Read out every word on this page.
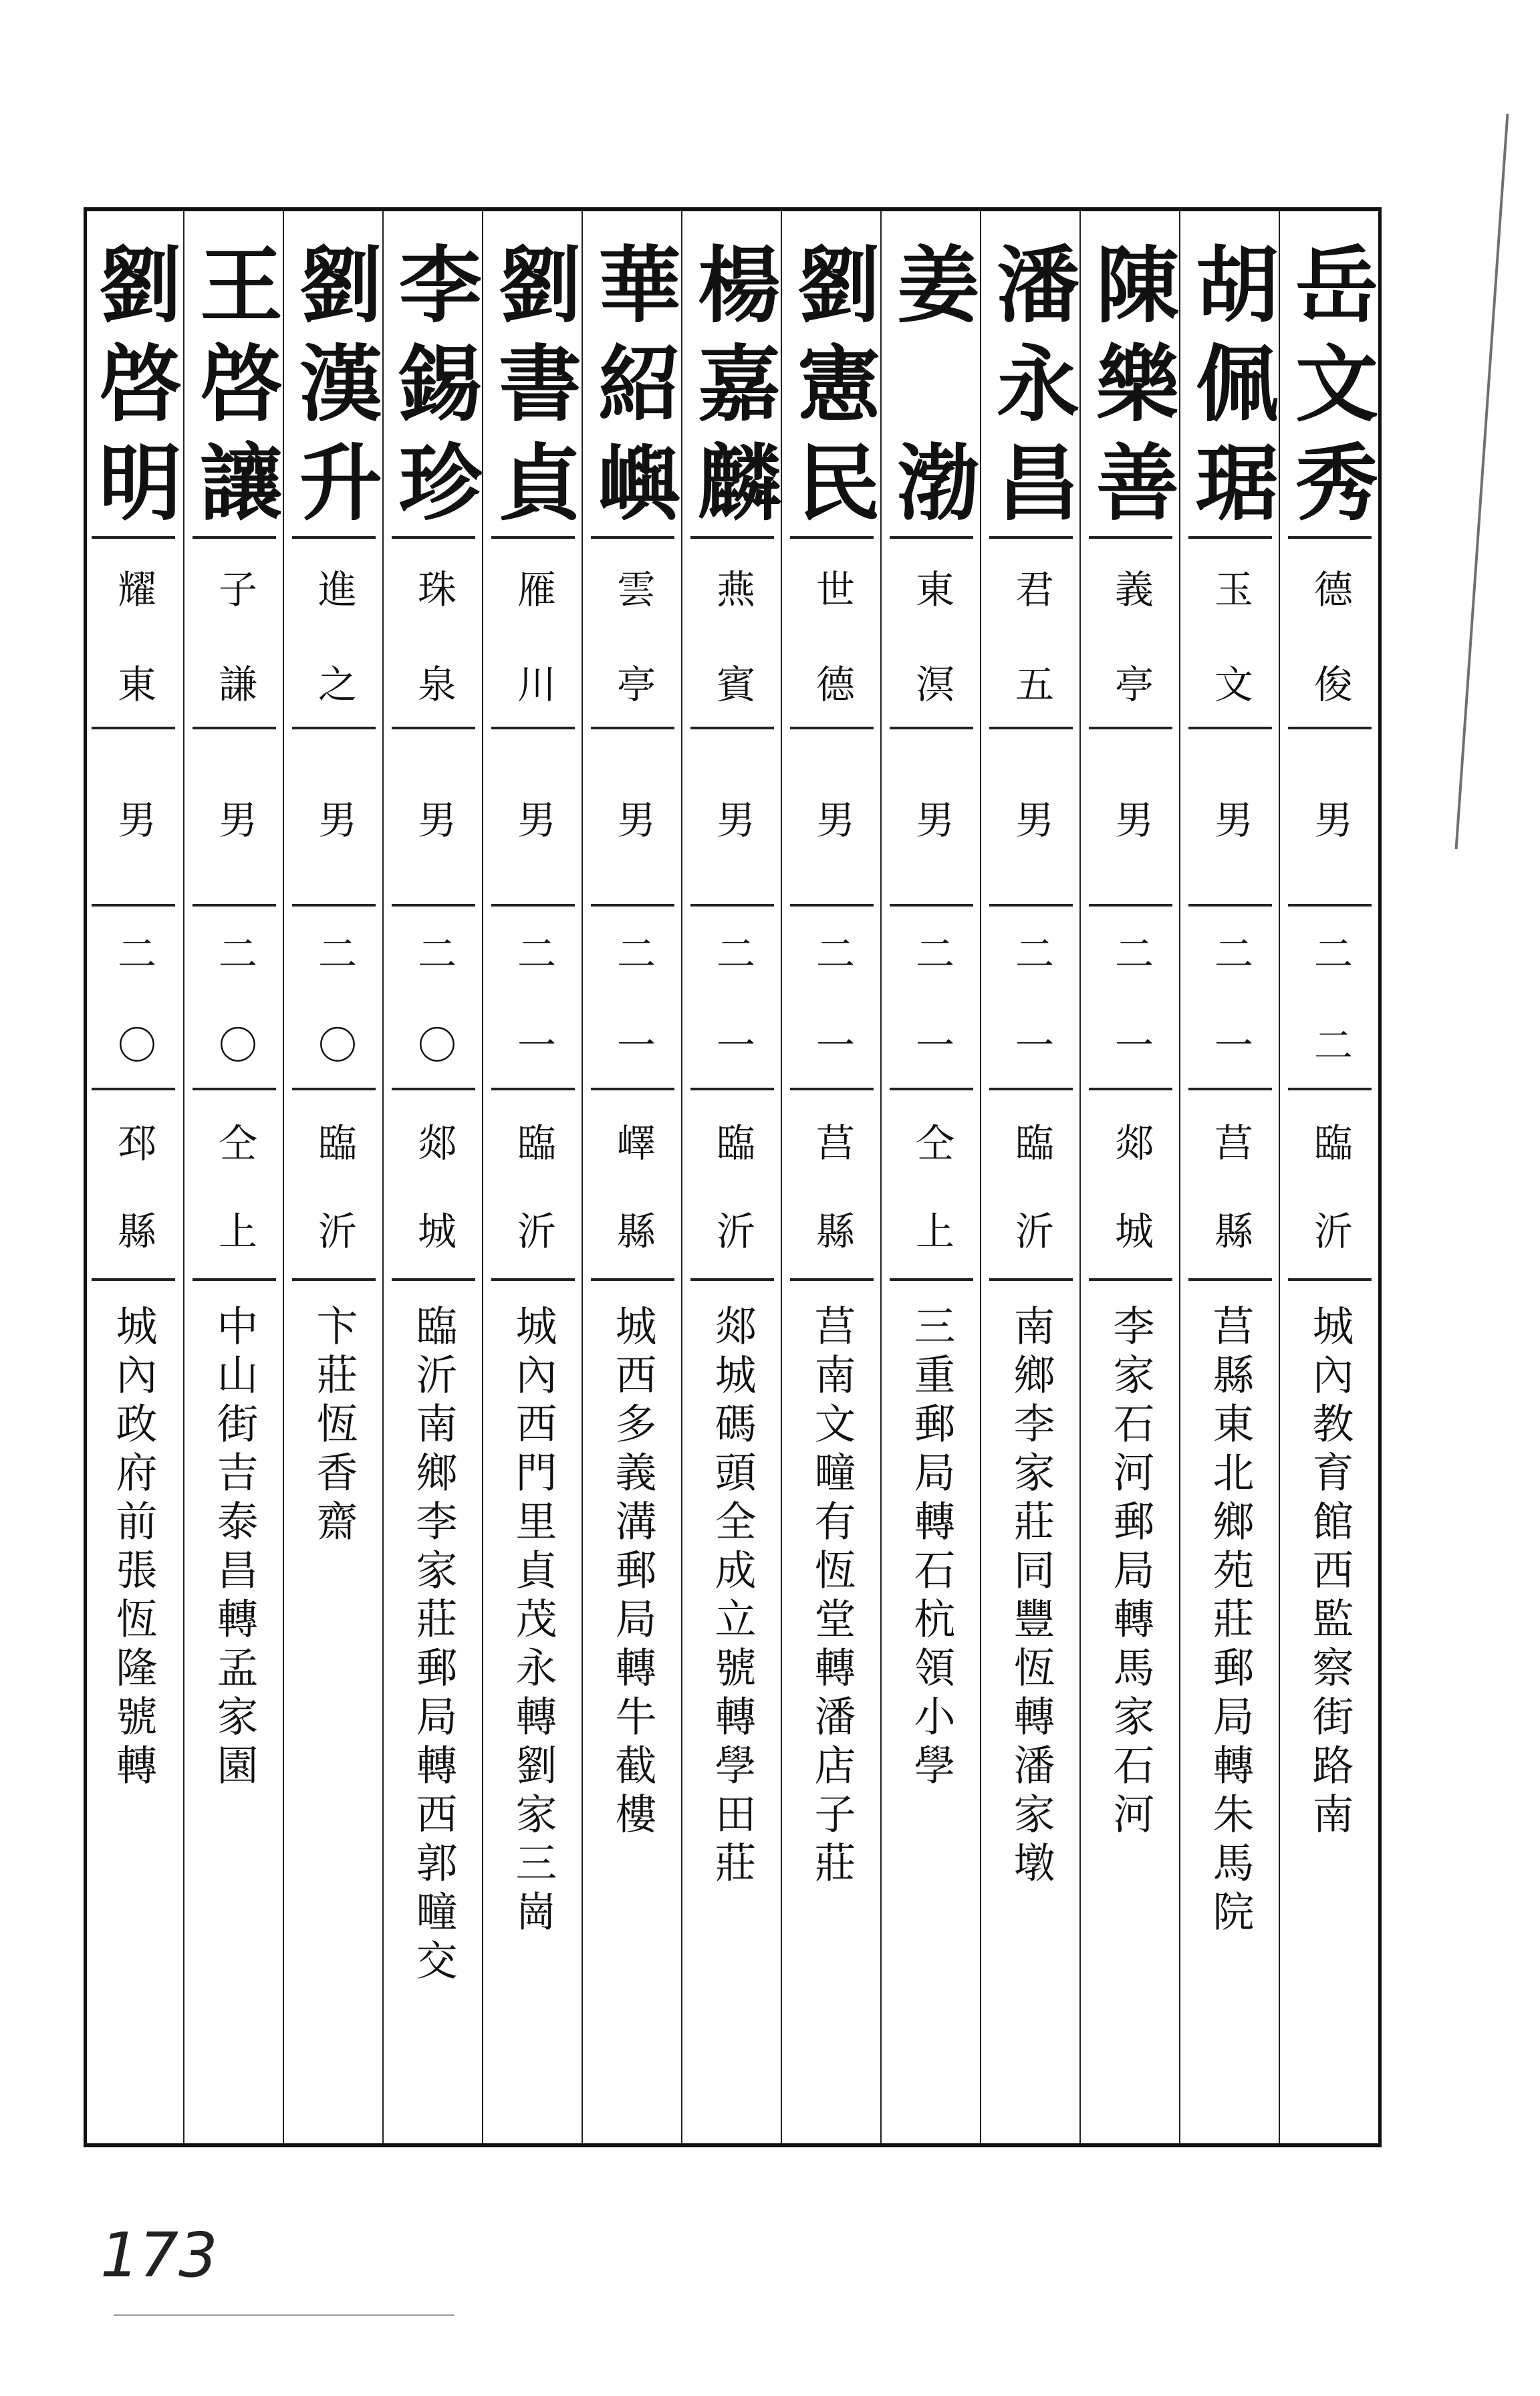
岳文秀
德俊
男
二二
臨沂
城內教育館西監察街路南
胡佩琚
玉文
男
二一
莒縣
莒縣東北鄉苑莊郵局轉朱馬院
陳樂善
義亭
男
二一
郯城
李家石河郵局轉馬家石河
潘永昌
君五
男
二一
臨沂
南鄉李家莊同豐恆轉潘家墩
姜渤
東溟
男
二一
仝上
三重郵局轉石杭領小學
劉憲民
世德
男
二一
莒縣
莒南文疃有恆堂轉潘店子莊
楊嘉麟
燕賓
男
二一
臨沂
郯城碼頭全成立號轉學田莊
華紹嶼
雲亭
男
二一
嶧縣
城西多義溝郵局轉牛截樓
劉書貞
雁川
男
二一
臨沂
城內西門里貞茂永轉劉家三崗
李錫珍
珠泉
男
二〇
郯城
臨沂南鄉李家莊郵局轉西郭疃交
劉漢升
進之
男
二〇
臨沂
卞莊恆香齋
王啓讓
子謙
男
二〇
仝上
中山街吉泰昌轉孟家園
劉啓明
耀東
男
二〇
邳縣
城內政府前張恆隆號轉
173
